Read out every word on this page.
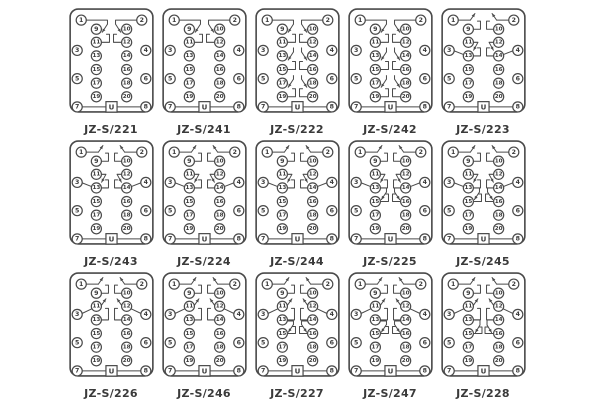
U
1	2
3	4
5	6
7	8
9	10
11	12
13	14
15	16
17	18
19	20
JZ-S/221
U
1	2
3	4
5	6
7	8
9	10
11	12
13	14
15	16
17	18
19	20
JZ-S/241
U
1	2
3	4
5	6
7	8
9	10
11	12
13	14
15	16
17	18
19	20
JZ-S/222
U
1	2
3	4
5	6
7	8
9	10
11	12
13	14
15	16
17	18
19	20
JZ-S/242
U
1	2
3	4
5	6
7	8
9	10
11	12
13	14
15	16
17	18
19	20
JZ-S/223
U
1	2
3	4
5	6
7	8
9	10
11	12
13	14
15	16
17	18
19	20
JZ-S/243
U
1	2
3	4
5	6
7	8
9	10
11	12
13	14
15	16
17	18
19	20
JZ-S/224
U
1	2
3	4
5	6
7	8
9	10
11	12
13	14
15	16
17	18
19	20
JZ-S/244
U
1	2
3	4
5	6
7	8
9	10
11	12
13	14
15	16
17	18
19	20
JZ-S/225
U
1	2
3	4
5	6
7	8
9	10
11	12
13	14
15	16
17	18
19	20
JZ-S/245
U
1	2
3	4
5	6
7	8
9	10
11	12
13	14
15	16
17	18
19	20
JZ-S/226
U
1	2
3	4
5	6
7	8
9	10
11	12
13	14
15	16
17	18
19	20
JZ-S/246
U
1	2
3	4
5	6
7	8
9	10
11	12
13	14
15	16
17	18
19	20
JZ-S/227
U
1	2
3	4
5	6
7	8
9	10
11	12
13	14
15	16
17	18
19	20
JZ-S/247
U
1	2
3	4
5	6
7	8
9	10
11	12
13	14
15	16
17	18
19	20
JZ-S/228
